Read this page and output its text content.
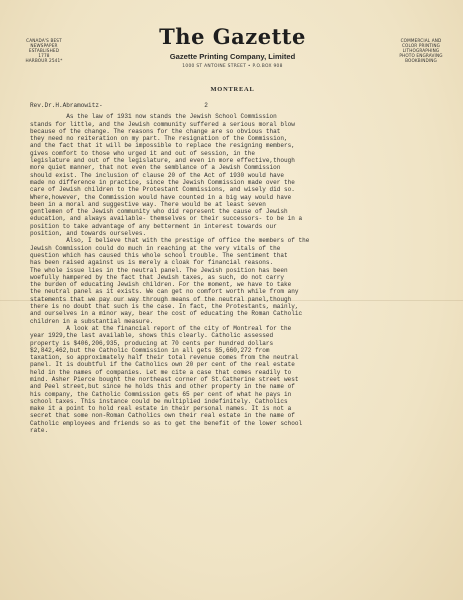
CANADA'S BEST
NEWSPAPER
ESTABLISHED
1778
HARBOUR 2541*
The Gazette
Gazette Printing Company, Limited
1000 ST ANTOINE STREET • P.O.BOX 908
MONTREAL
COMMERCIAL AND
COLOR PRINTING
LITHOGRAPHING
PHOTO ENGRAVING
BOOKBINDING
Rev.Dr.H.Abramowitz-	2
As the law of 1931 now stands the Jewish School Commission
stands for little, and the Jewish community suffered a serious moral blow
because of the change. The reasons for the change are so obvious that
they need no reiteration on my part. The resignation of the Commission,
and the fact that it will be impossible to replace the resigning members,
gives comfort to those who urged it and out of session, in the
legislature and out of the legislature, and even in more effective,though
more quiet manner, that not even the semblance of a Jewish Commission
should exist. The inclusion of clause 20 of the Act of 1930 would have
made no difference in practice, since the Jewish Commission made over the
care of Jewish children to the Protestant Commissions, and wisely did so.
Where,however, the Commission would have counted in a big way would have
been in a moral and suggestive way. There would be at least seven
gentlemen of the Jewish community who did represent the cause of Jewish
education, and always available- themselves or their successors- to be in a
position to take advantage of any betterment in interest towards our
position, and towards ourselves.
Also, I believe that with the prestige of office the members of the
Jewish Commission could do much in reaching at the very vitals of the
question which has caused this whole school trouble. The sentiment that
has been raised against us is merely a cloak for financial reasons.
The whole issue lies in the neutral panel. The Jewish position has been
woefully hampered by the fact that Jewish taxes, as such, do not carry
the burden of educating Jewish children. For the moment, we have to take
the neutral panel as it exists. We can get no comfort worth while from any
statements that we pay our way through means of the neutral panel,though
there is no doubt that such is the case. In fact, the Protestants, mainly,
and ourselves in a minor way, bear the cost of educating the Roman Catholic
children in a substantial measure.
A look at the financial report of the city of Montreal for the
year 1929,the last available, shows this clearly. Catholic assessed
property is $406,206,935, producing at 70 cents per hundred dollars
$2,842,462,but the Catholic Commission in all gets $5,660,272 from
taxation, so approximately half their total revenue comes from the neutral
panel. It is doubtful if the Catholics own 20 per cent of the real estate
held in the names of companies. Let me cite a case that comes readily to
mind. Asher Pierce bought the northeast corner of St.Catherine street west
and Peel street,but since he holds this and other property in the name of
his company, the Catholic Commission gets 65 per cent of what he pays in
school taxes. This instance could be multiplied indefinitely. Catholics
make it a point to hold real estate in their personal names. It is not a
secret that some non-Roman Catholics own their real estate in the name of
Catholic employees and friends so as to get the benefit of the lower school
rate.
